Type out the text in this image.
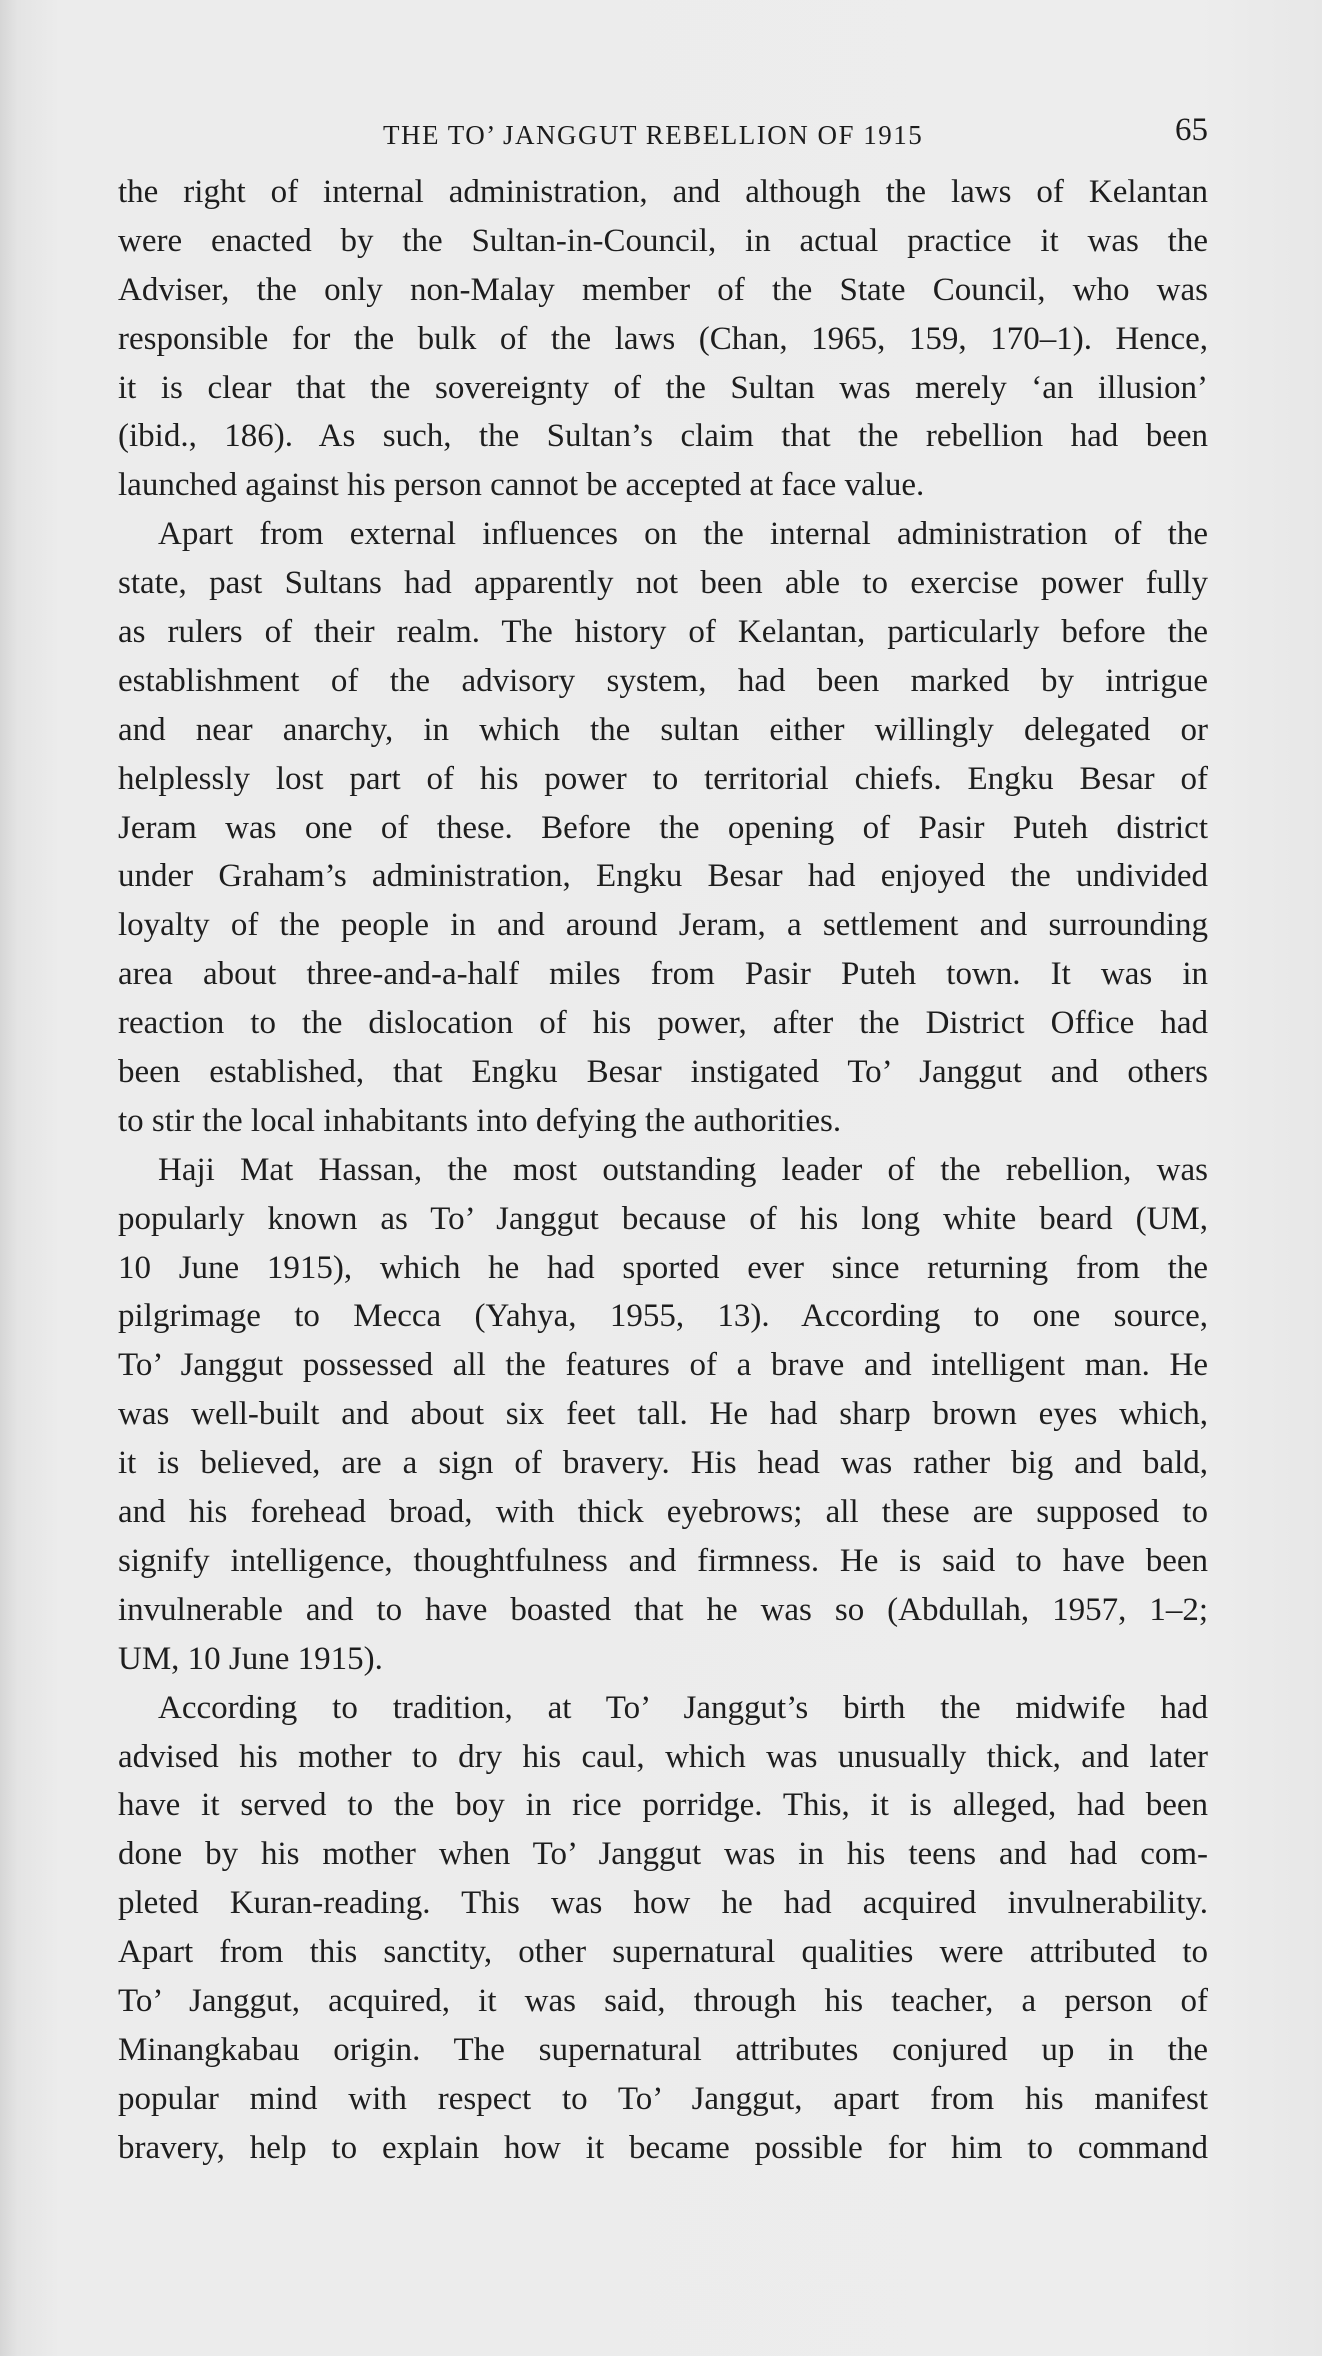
THE TO’ JANGGUT REBELLION OF 1915	65
the right of internal administration, and although the laws of Kelantan
were enacted by the Sultan-in-Council, in actual practice it was the
Adviser, the only non-Malay member of the State Council, who was
responsible for the bulk of the laws (Chan, 1965, 159, 170–1). Hence,
it is clear that the sovereignty of the Sultan was merely ‘an illusion’
(ibid., 186). As such, the Sultan’s claim that the rebellion had been
launched against his person cannot be accepted at face value.
Apart from external influences on the internal administration of the
state, past Sultans had apparently not been able to exercise power fully
as rulers of their realm. The history of Kelantan, particularly before the
establishment of the advisory system, had been marked by intrigue
and near anarchy, in which the sultan either willingly delegated or
helplessly lost part of his power to territorial chiefs. Engku Besar of
Jeram was one of these. Before the opening of Pasir Puteh district
under Graham’s administration, Engku Besar had enjoyed the undivided
loyalty of the people in and around Jeram, a settlement and surrounding
area about three-and-a-half miles from Pasir Puteh town. It was in
reaction to the dislocation of his power, after the District Office had
been established, that Engku Besar instigated To’ Janggut and others
to stir the local inhabitants into defying the authorities.
Haji Mat Hassan, the most outstanding leader of the rebellion, was
popularly known as To’ Janggut because of his long white beard (UM,
10 June 1915), which he had sported ever since returning from the
pilgrimage to Mecca (Yahya, 1955, 13). According to one source,
To’ Janggut possessed all the features of a brave and intelligent man. He
was well-built and about six feet tall. He had sharp brown eyes which,
it is believed, are a sign of bravery. His head was rather big and bald,
and his forehead broad, with thick eyebrows; all these are supposed to
signify intelligence, thoughtfulness and firmness. He is said to have been
invulnerable and to have boasted that he was so (Abdullah, 1957, 1–2;
UM, 10 June 1915).
According to tradition, at To’ Janggut’s birth the midwife had
advised his mother to dry his caul, which was unusually thick, and later
have it served to the boy in rice porridge. This, it is alleged, had been
done by his mother when To’ Janggut was in his teens and had com-
pleted Kuran-reading. This was how he had acquired invulnerability.
Apart from this sanctity, other supernatural qualities were attributed to
To’ Janggut, acquired, it was said, through his teacher, a person of
Minangkabau origin. The supernatural attributes conjured up in the
popular mind with respect to To’ Janggut, apart from his manifest
bravery, help to explain how it became possible for him to command
